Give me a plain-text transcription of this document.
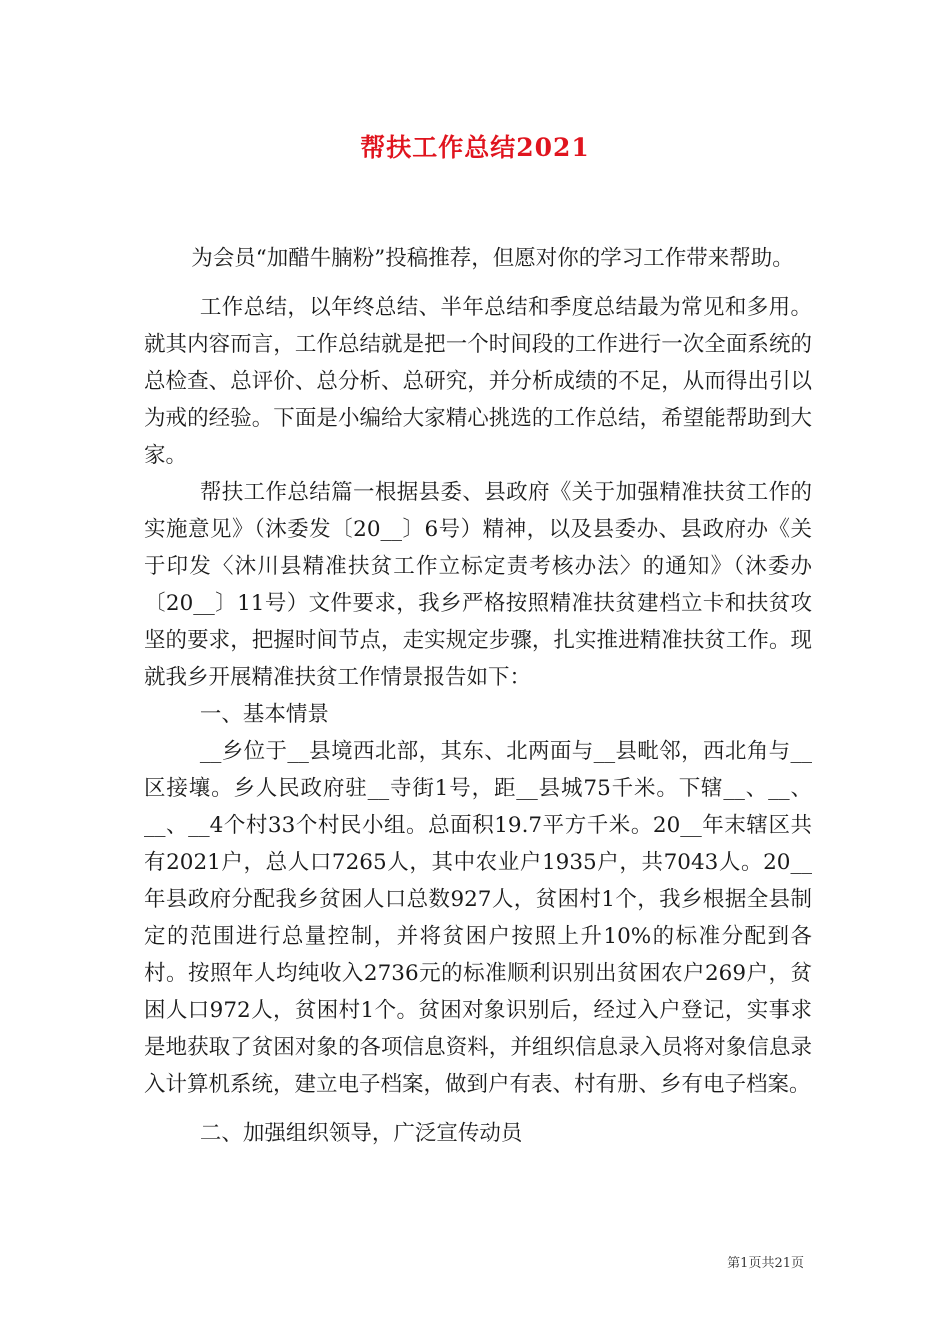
帮扶工作总结2021

为会员“加醋牛腩粉”投稿推荐，但愿对你的学习工作带来帮助。

工作总结，以年终总结、半年总结和季度总结最为常见和多用。就其内容而言，工作总结就是把一个时间段的工作进行一次全面系统的总检查、总评价、总分析、总研究，并分析成绩的不足，从而得出引以为戒的经验。下面是小编给大家精心挑选的工作总结，希望能帮助到大家。

帮扶工作总结篇一根据县委、县政府《关于加强精准扶贫工作的实施意见》（沐委发〔20__〕6号）精神，以及县委办、县政府办《关于印发〈沐川县精准扶贫工作立标定责考核办法〉的通知》（沐委办〔20__〕11号）文件要求，我乡严格按照精准扶贫建档立卡和扶贫攻坚的要求，把握时间节点，走实规定步骤，扎实推进精准扶贫工作。现就我乡开展精准扶贫工作情景报告如下：

一、基本情景

__乡位于__县境西北部，其东、北两面与__县毗邻，西北角与__区接壤。乡人民政府驻__寺街1号，距__县城75千米。下辖__、__、__、__4个村33个村民小组。总面积19.7平方千米。20__年末辖区共有2021户，总人口7265人，其中农业户1935户，共7043人。20__年县政府分配我乡贫困人口总数927人，贫困村1个，我乡根据全县制定的范围进行总量控制，并将贫困户按照上升10%的标准分配到各村。按照年人均纯收入2736元的标准顺利识别出贫困农户269户，贫困人口972人，贫困村1个。贫困对象识别后，经过入户登记，实事求是地获取了贫困对象的各项信息资料，并组织信息录入员将对象信息录入计算机系统，建立电子档案，做到户有表、村有册、乡有电子档案。

二、加强组织领导，广泛宣传动员

第1页共21页
